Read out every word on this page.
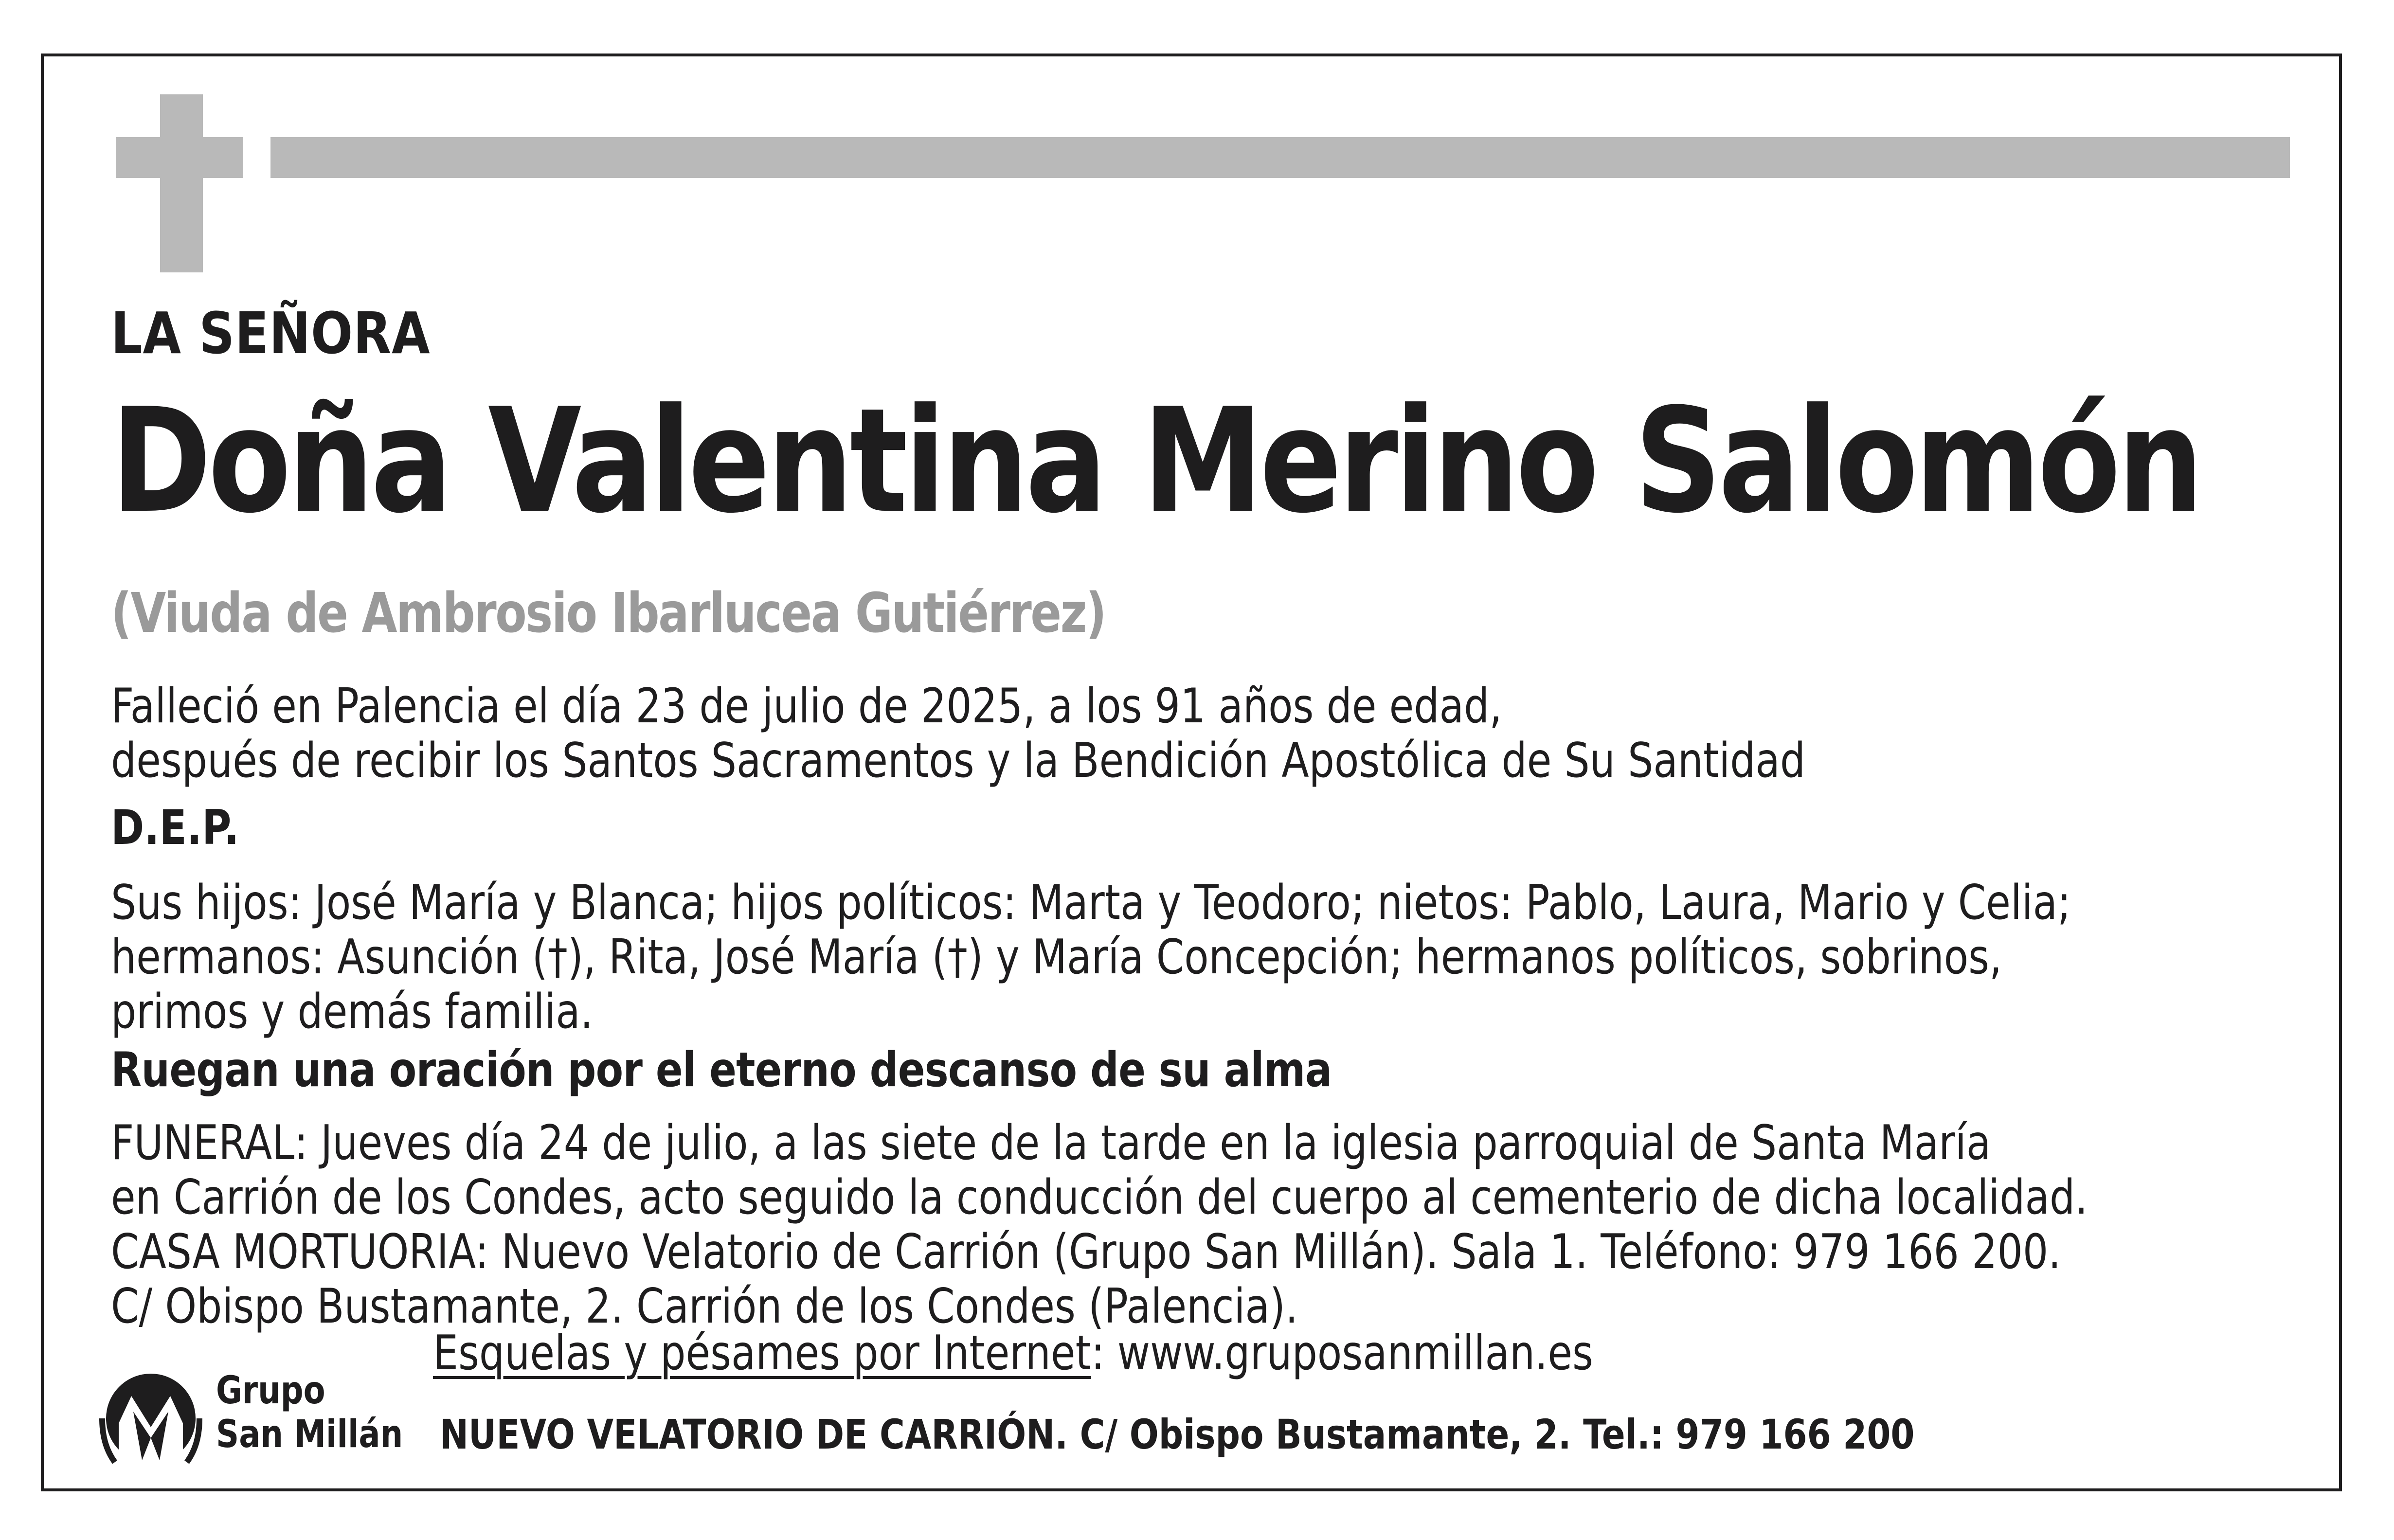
LA SEÑORA

Doña Valentina Merino Salomón

(Viuda de Ambrosio Ibarlucea Gutiérrez)

Falleció en Palencia el día 23 de julio de 2025, a los 91 años de edad,

después de recibir los Santos Sacramentos y la Bendición Apostólica de Su Santidad

D.E.P.

Sus hijos: José María y Blanca; hijos políticos: Marta y Teodoro; nietos: Pablo, Laura, Mario y Celia;

hermanos: Asunción (†), Rita, José María (†) y María Concepción; hermanos políticos, sobrinos,

primos y demás familia.

Ruegan una oración por el eterno descanso de su alma

FUNERAL: Jueves día 24 de julio, a las siete de la tarde en la iglesia parroquial de Santa María

en Carrión de los Condes, acto seguido la conducción del cuerpo al cementerio de dicha localidad.

CASA MORTUORIA: Nuevo Velatorio de Carrión (Grupo San Millán). Sala 1. Teléfono: 979 166 200.

C/ Obispo Bustamante, 2. Carrión de los Condes (Palencia).

Esquelas y pésames por Internet: www.gruposanmillan.es

Grupo
San Millán NUEVO VELATORIO DE CARRIÓN. C/ Obispo Bustamante, 2. Tel.: 979 166 200
